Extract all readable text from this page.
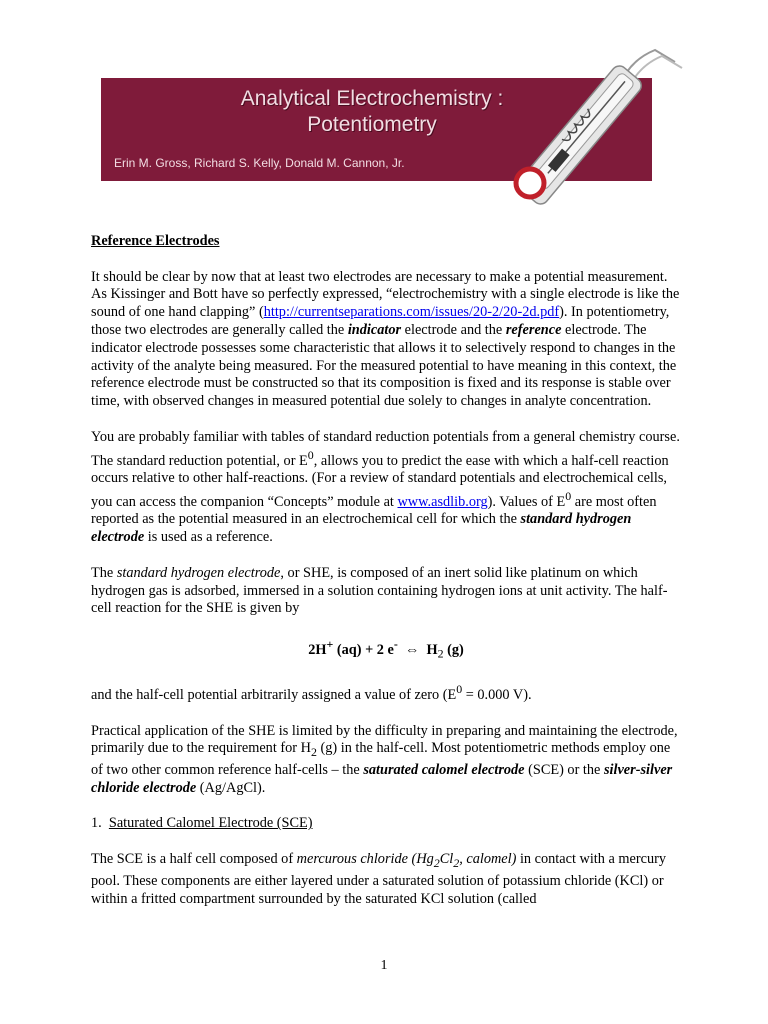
Analytical Electrochemistry :
Potentiometry
Erin M. Gross, Richard S. Kelly, Donald M. Cannon, Jr.

Reference Electrodes

It should be clear by now that at least two electrodes are necessary to make a potential measurement. As Kissinger and Bott have so perfectly expressed, “electrochemistry with a single electrode is like the sound of one hand clapping” (http://currentseparations.com/issues/20-2/20-2d.pdf). In potentiometry, those two electrodes are generally called the indicator electrode and the reference electrode. The indicator electrode possesses some characteristic that allows it to selectively respond to changes in the activity of the analyte being measured. For the measured potential to have meaning in this context, the reference electrode must be constructed so that its composition is fixed and its response is stable over time, with observed changes in measured potential due solely to changes in analyte concentration.

You are probably familiar with tables of standard reduction potentials from a general chemistry course. The standard reduction potential, or $E^0$, allows you to predict the ease with which a half-cell reaction occurs relative to other half-reactions. (For a review of standard potentials and electrochemical cells, you can access the companion “Concepts” module at www.asdlib.org). Values of $E^0$ are most often reported as the potential measured in an electrochemical cell for which the standard hydrogen electrode is used as a reference.

The standard hydrogen electrode, or SHE, is composed of an inert solid like platinum on which hydrogen gas is adsorbed, immersed in a solution containing hydrogen ions at unit activity. The half-cell reaction for the SHE is given by

2H+ (aq) + 2 e-  ⇔  $H_2$ (g)

and the half-cell potential arbitrarily assigned a value of zero ($E^0 = 0.000$ V).

Practical application of the SHE is limited by the difficulty in preparing and maintaining the electrode, primarily due to the requirement for $H_2$ (g) in the half-cell. Most potentiometric methods employ one of two other common reference half-cells – the saturated calomel electrode (SCE) or the silver-silver chloride electrode (Ag/AgCl).

1.  Saturated Calomel Electrode (SCE)

The SCE is a half cell composed of mercurous chloride ($Hg_2Cl_2$, calomel) in contact with a mercury pool. These components are either layered under a saturated solution of potassium chloride (KCl) or within a fritted compartment surrounded by the saturated KCl solution (called

1
